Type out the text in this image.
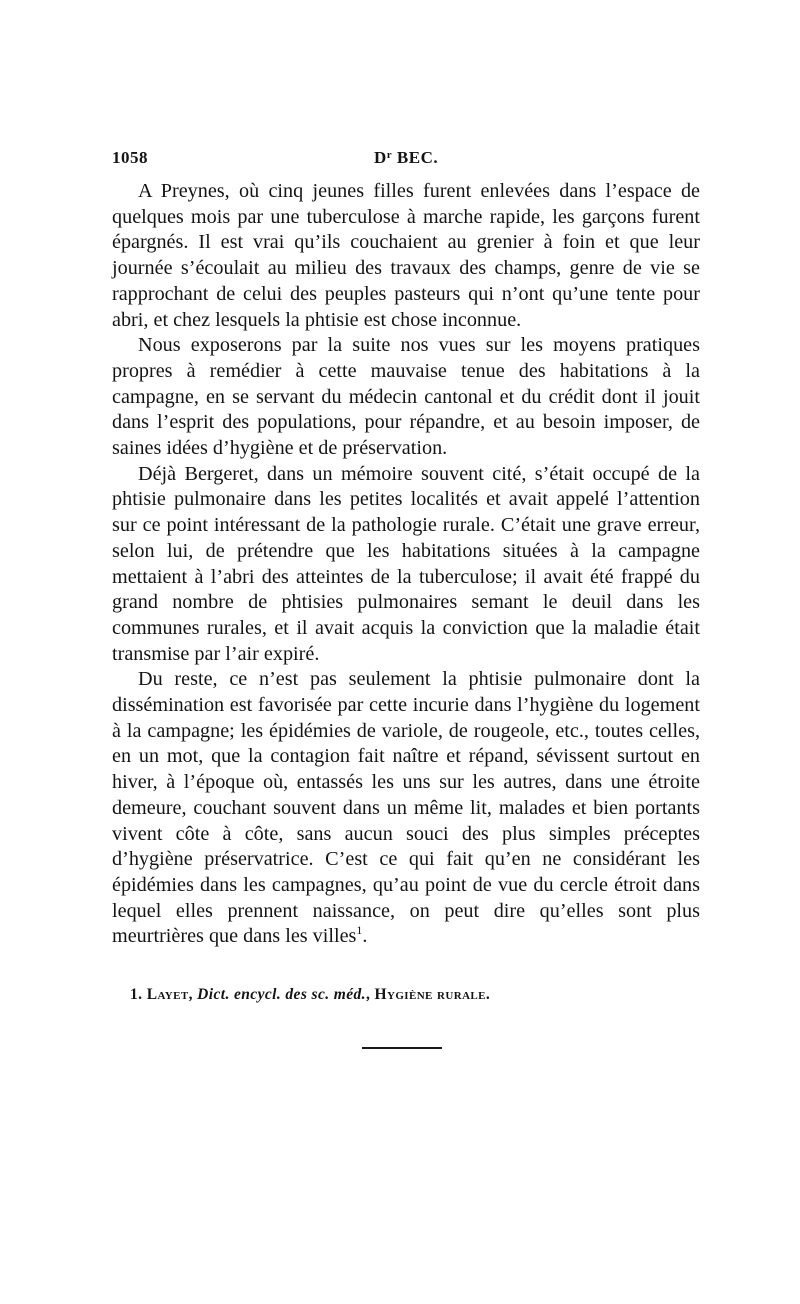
1058	$D^r$ BEC.

A Preynes, où cinq jeunes filles furent enlevées dans l’espace de quelques mois par une tuberculose à marche rapide, les garçons furent épargnés. Il est vrai qu’ils couchaient au grenier à foin et que leur journée s’écoulait au milieu des travaux des champs, genre de vie se rapprochant de celui des peuples pasteurs qui n’ont qu’une tente pour abri, et chez lesquels la phtisie est chose inconnue.

Nous exposerons par la suite nos vues sur les moyens pratiques propres à remédier à cette mauvaise tenue des habitations à la campagne, en se servant du médecin cantonal et du crédit dont il jouit dans l’esprit des populations, pour répandre, et au besoin imposer, de saines idées d’hygiène et de préservation.

Déjà Bergeret, dans un mémoire souvent cité, s’était occupé de la phtisie pulmonaire dans les petites localités et avait appelé l’attention sur ce point intéressant de la pathologie rurale. C’était une grave erreur, selon lui, de prétendre que les habitations situées à la campagne mettaient à l’abri des atteintes de la tuberculose; il avait été frappé du grand nombre de phtisies pulmonaires semant le deuil dans les communes rurales, et il avait acquis la conviction que la maladie était transmise par l’air expiré.

Du reste, ce n’est pas seulement la phtisie pulmonaire dont la dissémination est favorisée par cette incurie dans l’hygiène du logement à la campagne; les épidémies de variole, de rougeole, etc., toutes celles, en un mot, que la contagion fait naître et répand, sévissent surtout en hiver, à l’époque où, entassés les uns sur les autres, dans une étroite demeure, couchant souvent dans un même lit, malades et bien portants vivent côte à côte, sans aucun souci des plus simples préceptes d’hygiène préservatrice. C’est ce qui fait qu’en ne considérant les épidémies dans les campagnes, qu’au point de vue du cercle étroit dans lequel elles prennent naissance, on peut dire qu’elles sont plus meurtrières que dans les villes$^1$.

1. Layet, Dict. encycl. des sc. méd., Hygiène rurale.
